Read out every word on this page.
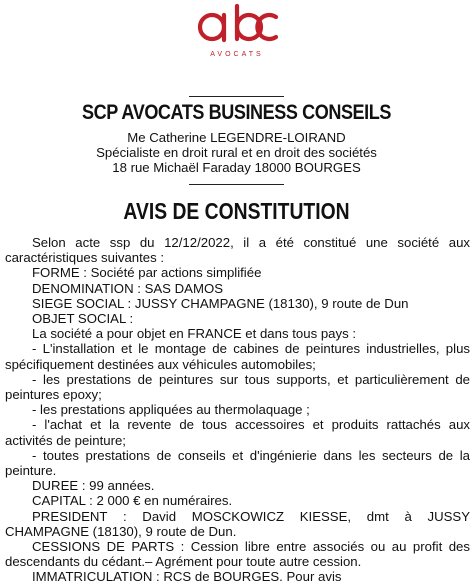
AVOCATS
SCP AVOCATS BUSINESS CONSEILS
Me Catherine LEGENDRE-LOIRAND
Spécialiste en droit rural et en droit des sociétés
18 rue Michaël Faraday 18000 BOURGES
AVIS DE CONSTITUTION

Selon acte ssp du 12/12/2022, il a été constitué une société aux caractéristiques suivantes :

FORME : Société par actions simplifiée

DENOMINATION : SAS DAMOS

SIEGE SOCIAL : JUSSY CHAMPAGNE (18130), 9 route de Dun

OBJET SOCIAL :

La société a pour objet en FRANCE et dans tous pays :

- L'installation et le montage de cabines de peintures industrielles, plus spécifiquement destinées aux véhicules automobiles;

- les prestations de peintures sur tous supports, et particulièrement de peintures epoxy;

- les prestations appliquées au thermolaquage ;

- l'achat et la revente de tous accessoires et produits rattachés aux activités de peinture;

- toutes prestations de conseils et d'ingénierie dans les secteurs de la peinture.

DUREE : 99 années.

CAPITAL : 2 000 € en numéraires.

PRESIDENT : David MOSCKOWICZ KIESSE, dmt à JUSSY CHAMPAGNE (18130), 9 route de Dun.

CESSIONS DE PARTS : Cession libre entre associés ou au profit des descendants du cédant.– Agrément pour toute autre cession.

IMMATRICULATION : RCS de BOURGES. Pour avis
